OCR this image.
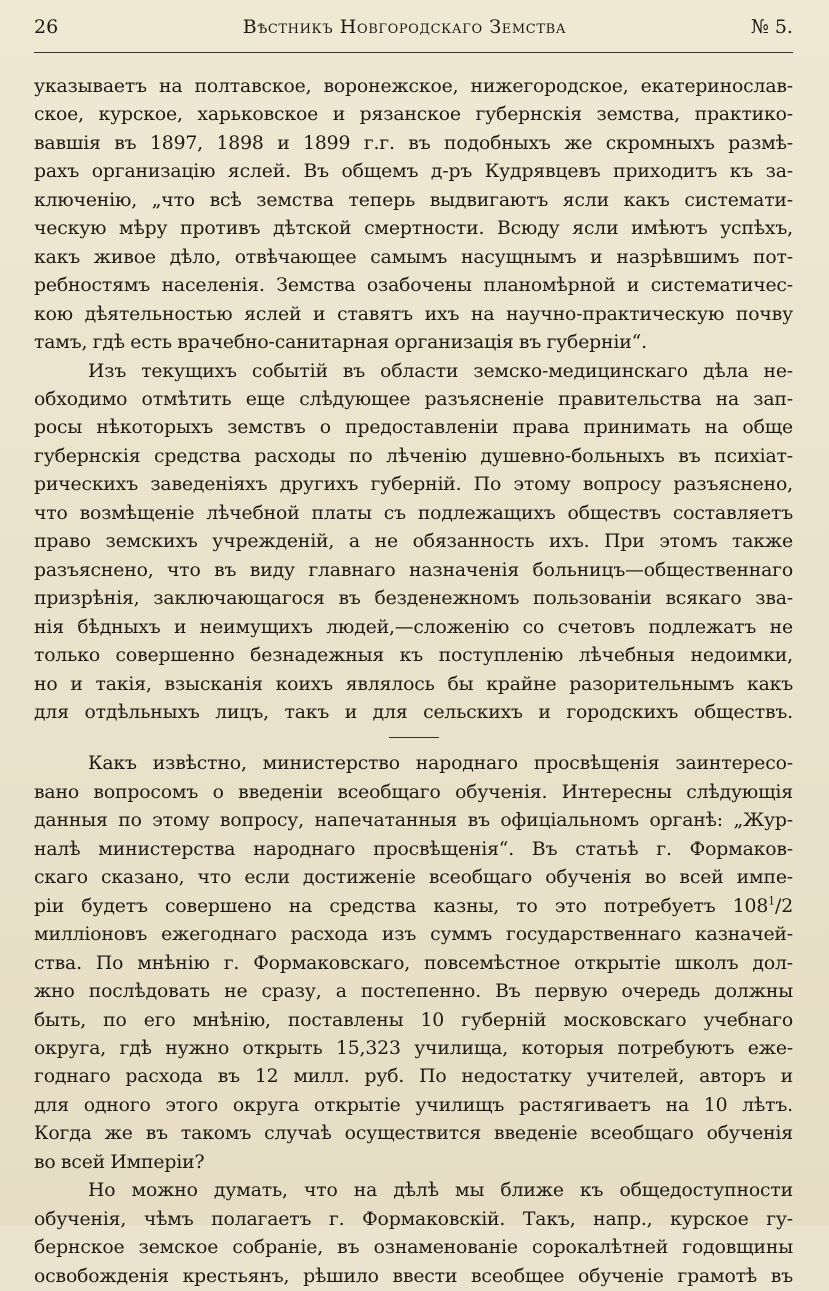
26	Вѣстникъ Новгородскаго Земства	№ 5.
указываетъ на полтавское, воронежское, нижегородское, екатеринослав-
ское, курское, харьковское и рязанское губернскія земства, практико-
вавшія въ 1897, 1898 и 1899 г.г. въ подобныхъ же скромныхъ размѣ-
рахъ организацію яслей. Въ общемъ д-ръ Кудрявцевъ приходитъ къ за-
ключенію, „что всѣ земства теперь выдвигаютъ ясли какъ системати-
ческую мѣру противъ дѣтской смертности. Всюду ясли имѣютъ успѣхъ,
какъ живое дѣло, отвѣчающее самымъ насущнымъ и назрѣвшимъ пот-
ребностямъ населенія. Земства озабочены планомѣрной и систематичес-
кою дѣятельностью яслей и ставятъ ихъ на научно-практическую почву
тамъ, гдѣ есть врачебно-санитарная организація въ губерніи“.
Изъ текущихъ событій въ области земско-медицинскаго дѣла не-
обходимо отмѣтить еще слѣдующее разъясненіе правительства на зап-
росы нѣкоторыхъ земствъ о предоставленіи права принимать на обще
губернскія средства расходы по лѣченію душевно-больныхъ въ психіат-
рическихъ заведеніяхъ другихъ губерній. По этому вопросу разъяснено,
что возмѣщеніе лѣчебной платы съ подлежащихъ обществъ составляетъ
право земскихъ учрежденій, а не обязанность ихъ. При этомъ также
разъяснено, что въ виду главнаго назначенія больницъ—общественнаго
призрѣнія, заключающагося въ безденежномъ пользованіи всякаго зва-
нія бѣдныхъ и неимущихъ людей,—сложенію со счетовъ подлежатъ не
только совершенно безнадежныя къ поступленію лѣчебныя недоимки,
но и такія, взысканія коихъ являлось бы крайне разорительнымъ какъ
для отдѣльныхъ лицъ, такъ и для сельскихъ и городскихъ обществъ.
Какъ извѣстно, министерство народнаго просвѣщенія заинтересо-
вано вопросомъ о введеніи всеобщаго обученія. Интересны слѣдующія
данныя по этому вопросу, напечатанныя въ офиціальномъ органѣ: „Жур-
налѣ министерства народнаго просвѣщенія“. Въ статьѣ г. Формаков-
скаго сказано, что если достиженіе всеобщаго обученія во всей импе-
ріи будетъ совершено на средства казны, то это потребуетъ $108^1/2$
милліоновъ ежегоднаго расхода изъ суммъ государственнаго казначей-
ства. По мнѣнію г. Формаковскаго, повсемѣстное открытіе школъ дол-
жно послѣдовать не сразу, а постепенно. Въ первую очередь должны
быть, по его мнѣнію, поставлены 10 губерній московскаго учебнаго
округа, гдѣ нужно открыть 15,323 училища, которыя потребуютъ еже-
годнаго расхода въ 12 милл. руб. По недостатку учителей, авторъ и
для одного этого округа открытіе училищъ растягиваетъ на 10 лѣтъ.
Когда же въ такомъ случаѣ осуществится введеніе всеобщаго обученія
во всей Имперіи?
Но можно думать, что на дѣлѣ мы ближе къ общедоступности
обученія, чѣмъ полагаетъ г. Формаковскій. Такъ, напр., курское гу-
бернское земское собраніе, въ ознаменованіе сорокалѣтней годовщины
освобожденія крестьянъ, рѣшило ввести всеобщее обученіе грамотѣ въ
